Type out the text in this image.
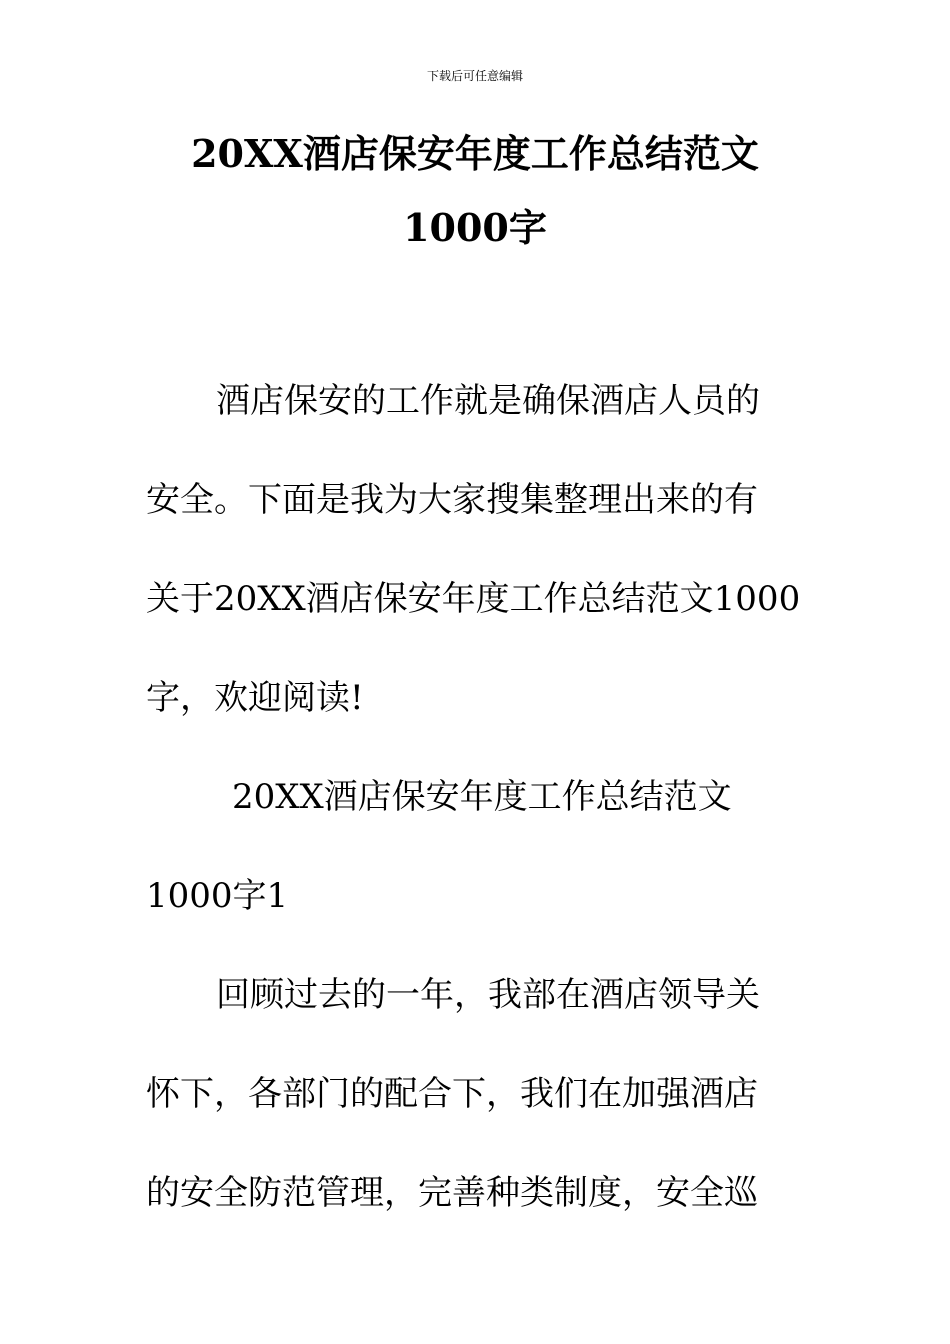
下载后可任意编辑
20XX酒店保安年度工作总结范文
1000字
酒店保安的工作就是确保酒店人员的
安全。下面是我为大家搜集整理出来的有
关于20XX酒店保安年度工作总结范文1000
字，欢迎阅读!
20XX酒店保安年度工作总结范文
1000字1
回顾过去的一年，我部在酒店领导关
怀下，各部门的配合下，我们在加强酒店
的安全防范管理，完善种类制度，安全巡
